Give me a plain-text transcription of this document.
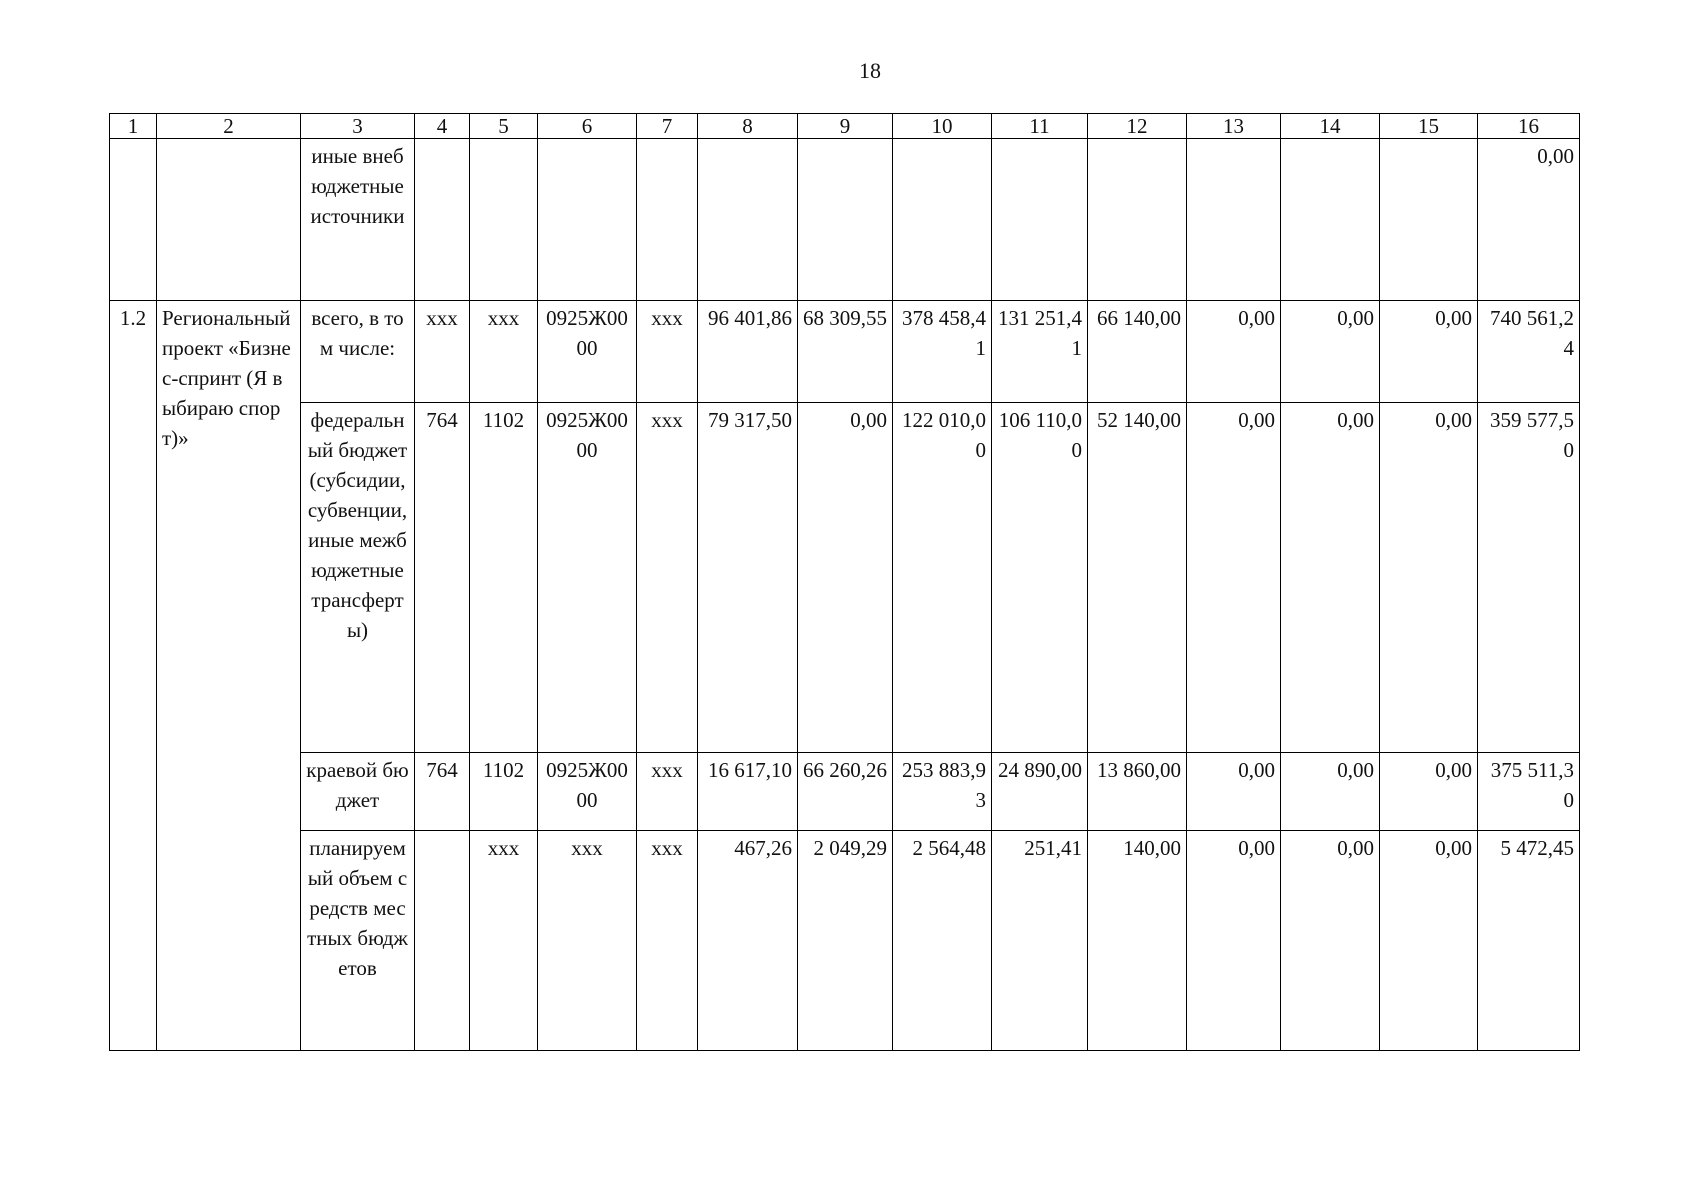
18
1	2	3	4	5	6	7	8	9	10	11	12	13	14	15	16
		иные внебюджетные источники													0,00
1.2	Региональный проект «Бизнес-спринт (Я выбираю спорт)»	всего, в том числе:	ххх	ххх	0925Ж0000	ххх	96 401,86	68 309,55	378 458,41	131 251,41	66 140,00	0,00	0,00	0,00	740 561,24
		федеральный бюджет (субсидии, субвенции, иные межбюджетные трансферты)	764	1102	0925Ж0000	ххх	79 317,50	0,00	122 010,00	106 110,00	52 140,00	0,00	0,00	0,00	359 577,50
		краевой бюджет	764	1102	0925Ж0000	ххх	16 617,10	66 260,26	253 883,93	24 890,00	13 860,00	0,00	0,00	0,00	375 511,30
		планируемый объем средств местных бюджетов		ххх	ххх	ххх	467,26	2 049,29	2 564,48	251,41	140,00	0,00	0,00	0,00	5 472,45
